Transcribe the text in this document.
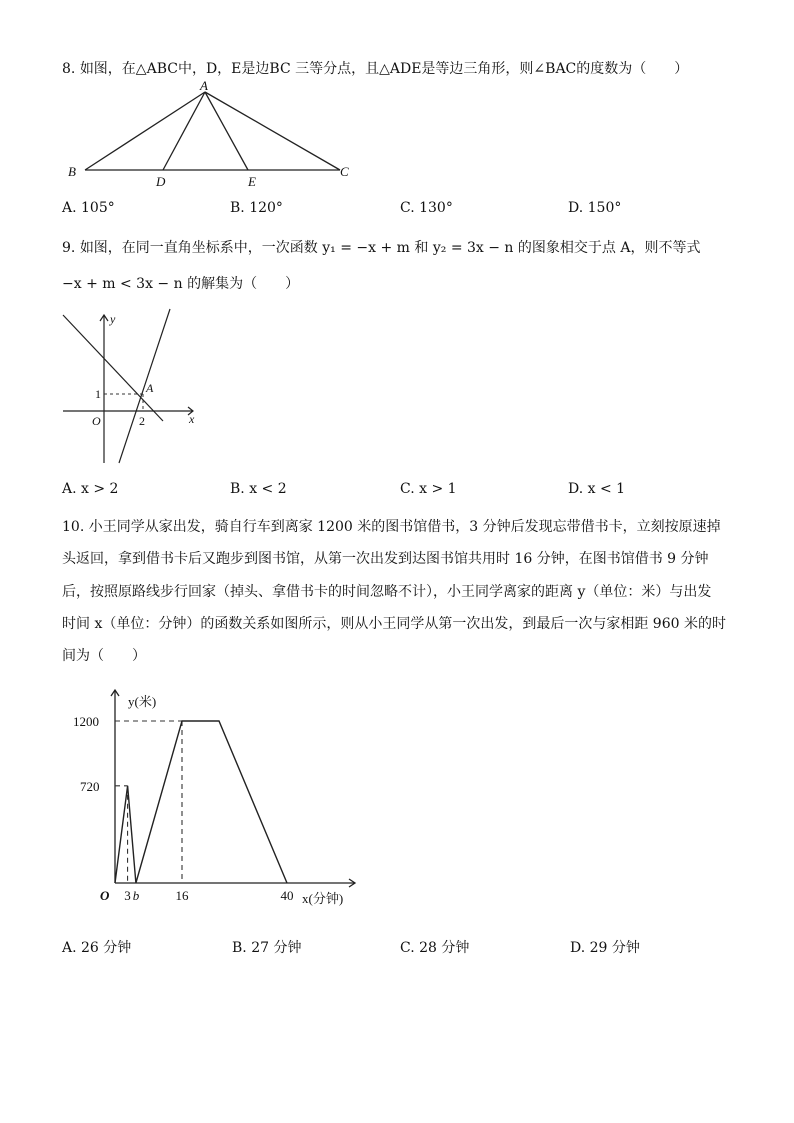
8. 如图，在△ABC中，D，E是边BC 三等分点，且△ADE是等边三角形，则∠BAC的度数为（　　）
A
B	C
D	E
A. 105°	B. 120°	C. 130°	D. 150°
9. 如图，在同一直角坐标系中，一次函数 y₁ = −x + m 和 y₂ = 3x − n 的图象相交于点 A，则不等式
−x + m < 3x − n 的解集为（　　）
y
x
O
A
1
2
A. x > 2	B. x < 2	C. x > 1	D. x < 1
10. 小王同学从家出发，骑自行车到离家 1200 米的图书馆借书，3 分钟后发现忘带借书卡，立刻按原速掉
头返回，拿到借书卡后又跑步到图书馆，从第一次出发到达图书馆共用时 16 分钟，在图书馆借书 9 分钟
后，按照原路线步行回家（掉头、拿借书卡的时间忽略不计），小王同学离家的距离 y（单位：米）与出发
时间 x（单位：分钟）的函数关系如图所示，则从小王同学从第一次出发，到最后一次与家相距 960 米的时
间为（　　）
y(米)
x(分钟)
O 3 b	16	40
720
1200
A. 26 分钟	B. 27 分钟	C. 28 分钟	D. 29 分钟
